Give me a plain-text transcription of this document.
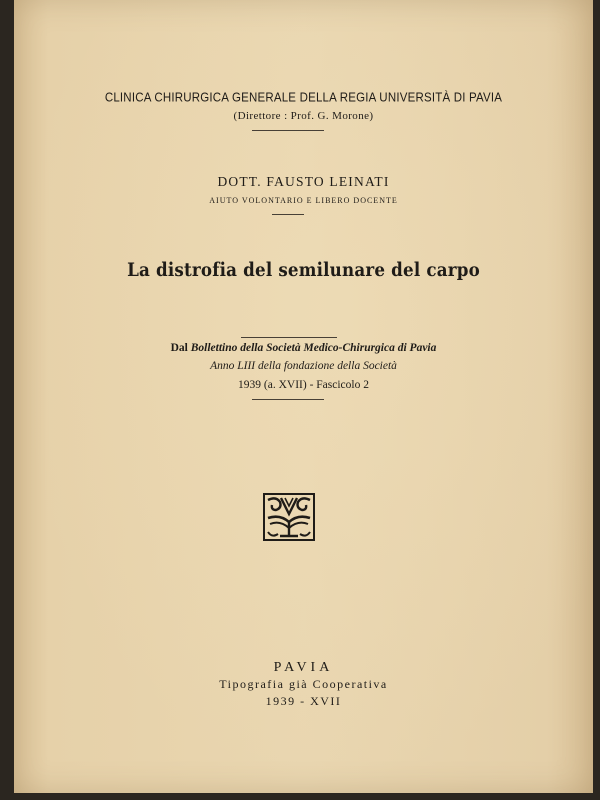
CLINICA CHIRURGICA GENERALE DELLA REGIA UNIVERSITÀ DI PAVIA
(Direttore : Prof. G. Morone)
DOTT. FAUSTO LEINATI
AIUTO VOLONTARIO E LIBERO DOCENTE
La distrofia del semilunare del carpo
Dal Bollettino della Società Medico-Chirurgica di Pavia
Anno LIII della fondazione della Società
1939 (a. XVII) - Fascicolo 2
PAVIA
Tipografia già Cooperativa
1939 - XVII
